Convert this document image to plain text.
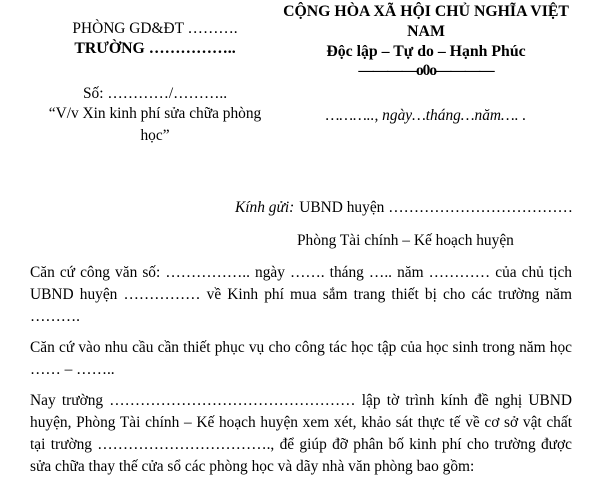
PHÒNG GD&ĐT ……….
TRƯỜNG ……………..
Số: …………/………..
“V/v Xin kinh phí sửa chữa phòng học”
CỘNG HÒA XÃ HỘI CHỦ NGHĨA VIỆT NAM
Độc lập – Tự do – Hạnh Phúc
————o0o————
……….., ngày…tháng…năm…. .
Kính gửi: UBND huyện ………………………………
Phòng Tài chính – Kế hoạch huyện
Căn cứ công văn số: …………….. ngày ……. tháng ….. năm ………… của chủ tịch UBND huyện …………… về Kinh phí mua sắm trang thiết bị cho các trường năm ……….
Căn cứ vào nhu cầu cần thiết phục vụ cho công tác học tập của học sinh trong năm học …… – ……..
Nay trường ………………………………………… lập tờ trình kính đề nghị UBND huyện, Phòng Tài chính – Kế hoạch huyện xem xét, khảo sát thực tế về cơ sở vật chất tại trường ……………………………., để giúp đỡ phân bố kinh phí cho trường được sửa chữa thay thế cửa sổ các phòng học và dãy nhà văn phòng bao gồm:
